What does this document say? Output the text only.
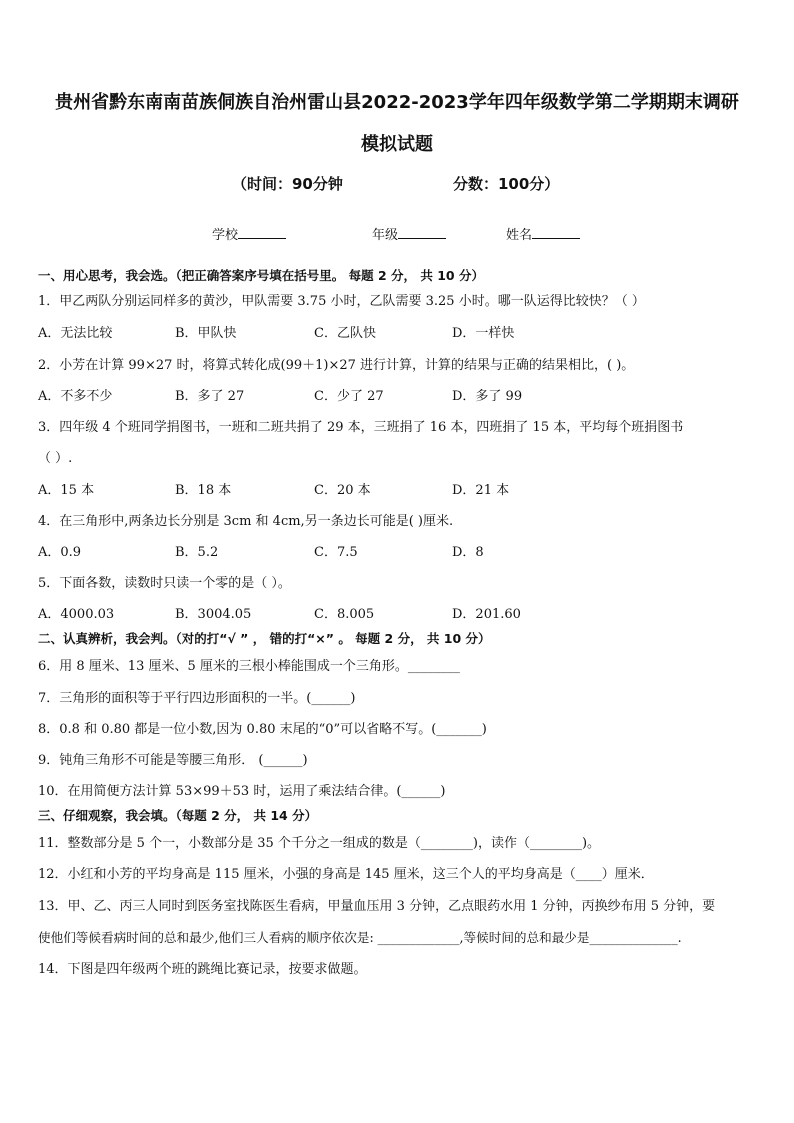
贵州省黔东南南苗族侗族自治州雷山县2022-2023学年四年级数学第二学期期末调研
模拟试题
（时间：90分钟	分数：100分）
学校	年级	姓名
一、用心思考，我会选。（把正确答案序号填在括号里。 每题 2 分， 共 10 分）
1．甲乙两队分别运同样多的黄沙，甲队需要 3.75 小时，乙队需要 3.25 小时。哪一队运得比较快？（ ）
A．无法比较	B．甲队快	C．乙队快	D．一样快
2．小芳在计算 99×27 时，将算式转化成(99＋1)×27 进行计算，计算的结果与正确的结果相比，( )。
A．不多不少	B．多了 27	C．少了 27	D．多了 99
3．四年级 4 个班同学捐图书，一班和二班共捐了 29 本，三班捐了 16 本，四班捐了 15 本，平均每个班捐图书
（ ）.
A．15 本	B．18 本	C．20 本	D．21 本
4．在三角形中,两条边长分别是 3cm 和 4cm,另一条边长可能是( )厘米.
A．0.9	B．5.2	C．7.5	D．8
5．下面各数，读数时只读一个零的是（ ）。
A．4000.03	B．3004.05	C．8.005	D．201.60
二、认真辨析，我会判。（对的打“√ ” ， 错的打“×” 。 每题 2 分， 共 10 分）
6．用 8 厘米、13 厘米、5 厘米的三根小棒能围成一个三角形。________
7．三角形的面积等于平行四边形面积的一半。(______)
8．0.8 和 0.80 都是一位小数,因为 0.80 末尾的“0”可以省略不写。(_______)
9．钝角三角形不可能是等腰三角形． (______)
10．在用简便方法计算 53×99＋53 时，运用了乘法结合律。(______)
三、仔细观察，我会填。（每题 2 分， 共 14 分）
11．整数部分是 5 个一，小数部分是 35 个千分之一组成的数是（________)，读作（________)。
12．小红和小芳的平均身高是 115 厘米，小强的身高是 145 厘米，这三个人的平均身高是（____）厘米．
13．甲、乙、丙三人同时到医务室找陈医生看病，甲量血压用 3 分钟，乙点眼药水用 1 分钟，丙换纱布用 5 分钟，要
使他们等候看病时间的总和最少,他们三人看病的顺序依次是: _____________,等候时间的总和最少是______________.
14．下图是四年级两个班的跳绳比赛记录，按要求做题。
